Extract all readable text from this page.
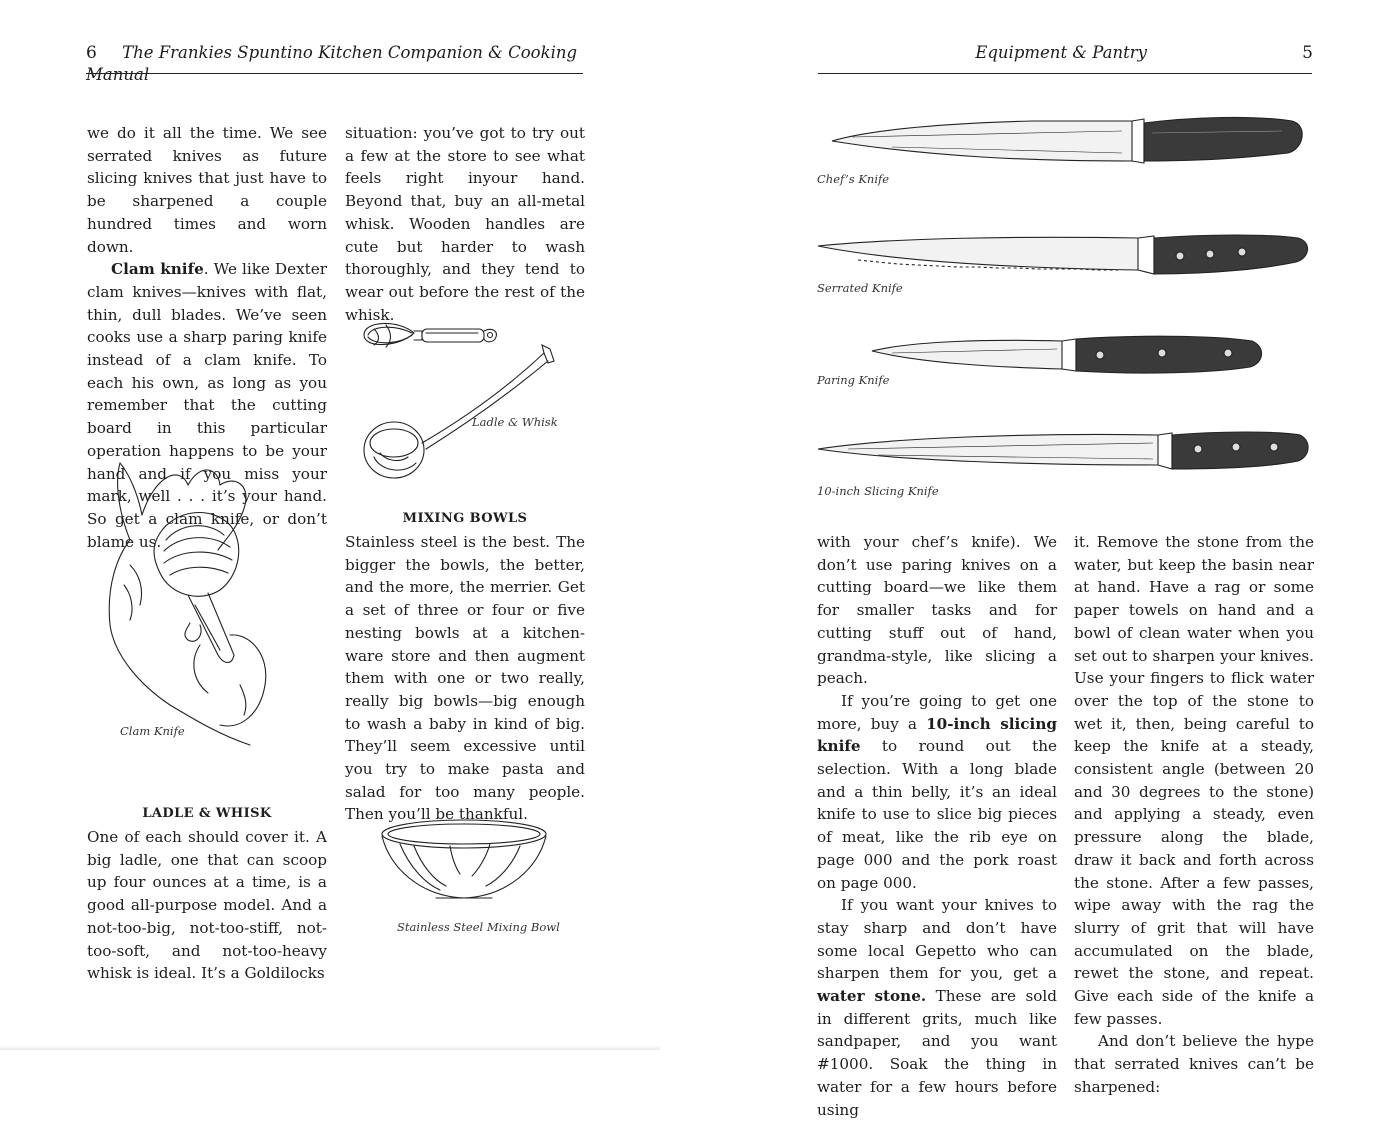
6 The Frankies Spuntino Kitchen Companion & Cooking Manual

we do it all the time. We see serrated knives as future slicing knives that just have to be sharpened a couple hundred times and worn down.

Clam knife. We like Dexter clam knives—knives with flat, thin, dull blades. We’ve seen cooks use a sharp paring knife instead of a clam knife. To each his own, as long as you remember that the cutting board in this particular operation happens to be your hand and if you miss your mark, well . . . it’s your hand. So get a clam knife, or don’t blame us.

Clam Knife
LADLE & WHISK

One of each should cover it. A big ladle, one that can scoop up four ounces at a time, is a good all-purpose model. And a not-too-big, not-too-stiff, not-too-soft, and not-too-heavy whisk is ideal. It’s a Goldilocks

situation: you’ve got to try out a few at the store to see what feels right inyour hand. Beyond that, buy an all-metal whisk. Wooden handles are cute but harder to wash thoroughly, and they tend to wear out before the rest of the whisk.

Ladle & Whisk
MIXING BOWLS

Stainless steel is the best. The bigger the bowls, the better, and the more, the merrier. Get a set of three or four or five nesting bowls at a kitchen-ware store and then augment them with one or two really, really big bowls—big enough to wash a baby in kind of big. They’ll seem excessive until you try to make pasta and salad for too many people. Then you’ll be thankful.

Stainless Steel Mixing Bowl
Equipment & Pantry	5
Chef’s Knife
Serrated Knife
Paring Knife
10-inch Slicing Knife

with your chef’s knife). We don’t use paring knives on a cutting board—we like them for smaller tasks and for cutting stuff out of hand, grandma-style, like slicing a peach.

If you’re going to get one more, buy a 10-inch slicing knife to round out the selection. With a long blade and a thin belly, it’s an ideal knife to use to slice big pieces of meat, like the rib eye on page 000 and the pork roast on page 000.

If you want your knives to stay sharp and don’t have some local Gepetto who can sharpen them for you, get a water stone. These are sold in different grits, much like sandpaper, and you want #1000. Soak the thing in water for a few hours before using

it. Remove the stone from the water, but keep the basin near at hand. Have a rag or some paper towels on hand and a bowl of clean water when you set out to sharpen your knives. Use your fingers to flick water over the top of the stone to wet it, then, being careful to keep the knife at a steady, consistent angle (between 20 and 30 degrees to the stone) and applying a steady, even pressure along the blade, draw it back and forth across the stone. After a few passes, wipe away with the rag the slurry of grit that will have accumulated on the blade, rewet the stone, and repeat. Give each side of the knife a few passes.

And don’t believe the hype that serrated knives can’t be sharpened:
